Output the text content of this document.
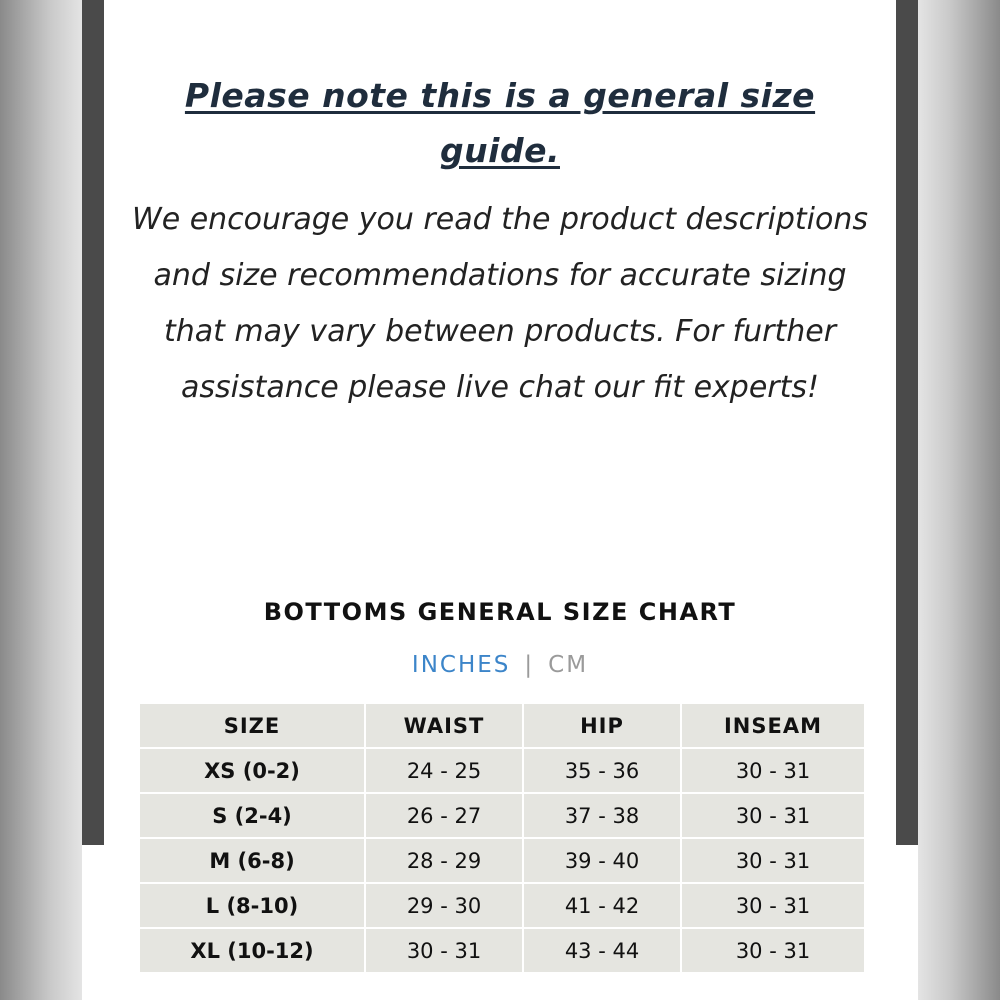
Please note this is a general size guide.
We encourage you read the product descriptions and size recommendations for accurate sizing that may vary between products. For further assistance please live chat our fit experts!
BOTTOMS GENERAL SIZE CHART
INCHES | CM
SIZE	WAIST	HIP	INSEAM
XS (0-2)	24 - 25	35 - 36	30 - 31
S (2-4)	26 - 27	37 - 38	30 - 31
M (6-8)	28 - 29	39 - 40	30 - 31
L (8-10)	29 - 30	41 - 42	30 - 31
XL (10-12)	30 - 31	43 - 44	30 - 31
